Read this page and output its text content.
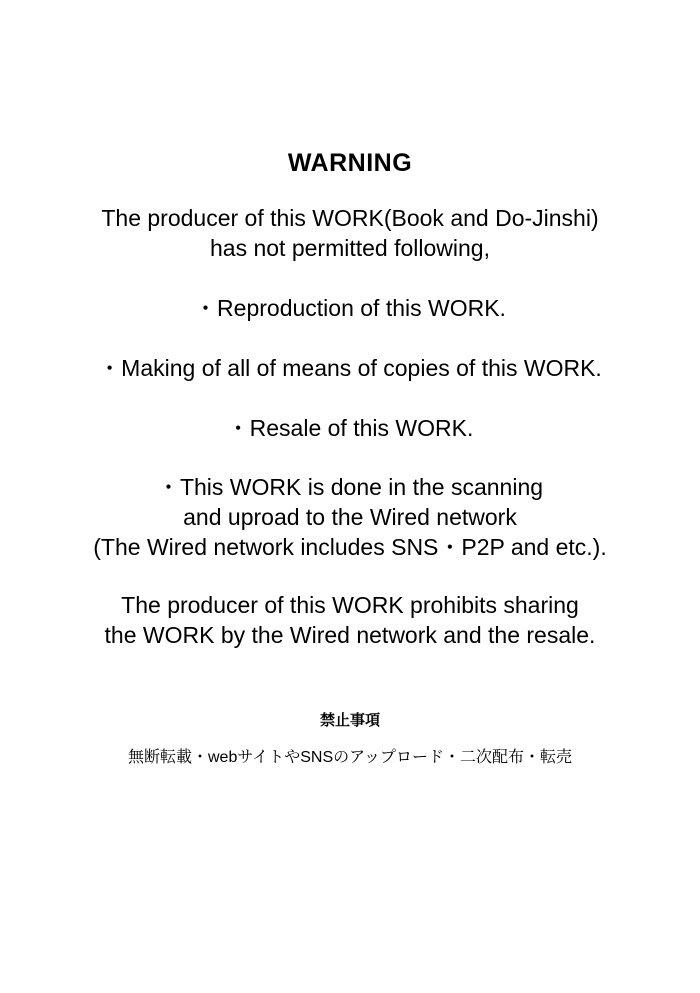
WARNING

The producer of this WORK(Book and Do-Jinshi)
has not permitted following,

・Reproduction of this WORK.

・Making of all of means of copies of this WORK.

・Resale of this WORK.

・This WORK is done in the scanning
and uproad to the Wired network
(The Wired network includes SNS・P2P and etc.).

The producer of this WORK prohibits sharing
the WORK by the Wired network and the resale.

禁止事項

無断転載・webサイトやSNSのアップロード・二次配布・転売
